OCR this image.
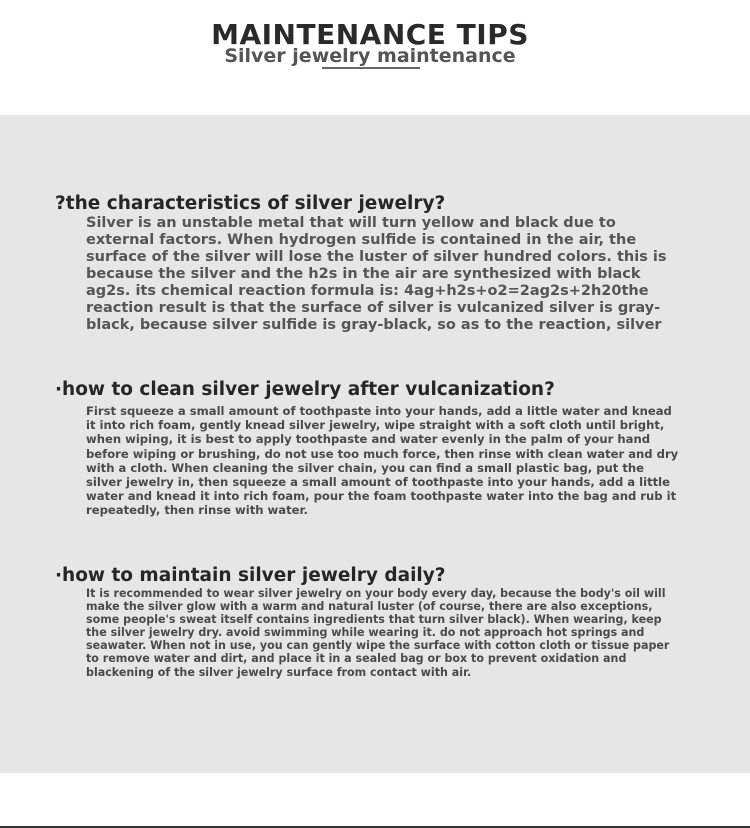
MAINTENANCE TIPS
Silver jewelry maintenance
?the characteristics of silver jewelry?

Silver is an unstable metal that will turn yellow and black due to external factors. When hydrogen sulfide is contained in the air, the surface of the silver will lose the luster of silver hundred colors. this is because the silver and the h2s in the air are synthesized with black ag2s. its chemical reaction formula is: 4ag+h2s+o2=2ag2s+2h20the reaction result is that the surface of silver is vulcanized silver is gray-black, because silver sulfide is gray-black, so as to the reaction, silver

·how to clean silver jewelry after vulcanization?

First squeeze a small amount of toothpaste into your hands, add a little water and knead it into rich foam, gently knead silver jewelry, wipe straight with a soft cloth until bright, when wiping, it is best to apply toothpaste and water evenly in the palm of your hand before wiping or brushing, do not use too much force, then rinse with clean water and dry with a cloth. When cleaning the silver chain, you can find a small plastic bag, put the silver jewelry in, then squeeze a small amount of toothpaste into your hands, add a little water and knead it into rich foam, pour the foam toothpaste water into the bag and rub it repeatedly, then rinse with water.

·how to maintain silver jewelry daily?

It is recommended to wear silver jewelry on your body every day, because the body's oil will make the silver glow with a warm and natural luster (of course, there are also exceptions, some people's sweat itself contains ingredients that turn silver black). When wearing, keep the silver jewelry dry. avoid swimming while wearing it. do not approach hot springs and seawater. When not in use, you can gently wipe the surface with cotton cloth or tissue paper to remove water and dirt, and place it in a sealed bag or box to prevent oxidation and blackening of the silver jewelry surface from contact with air.
